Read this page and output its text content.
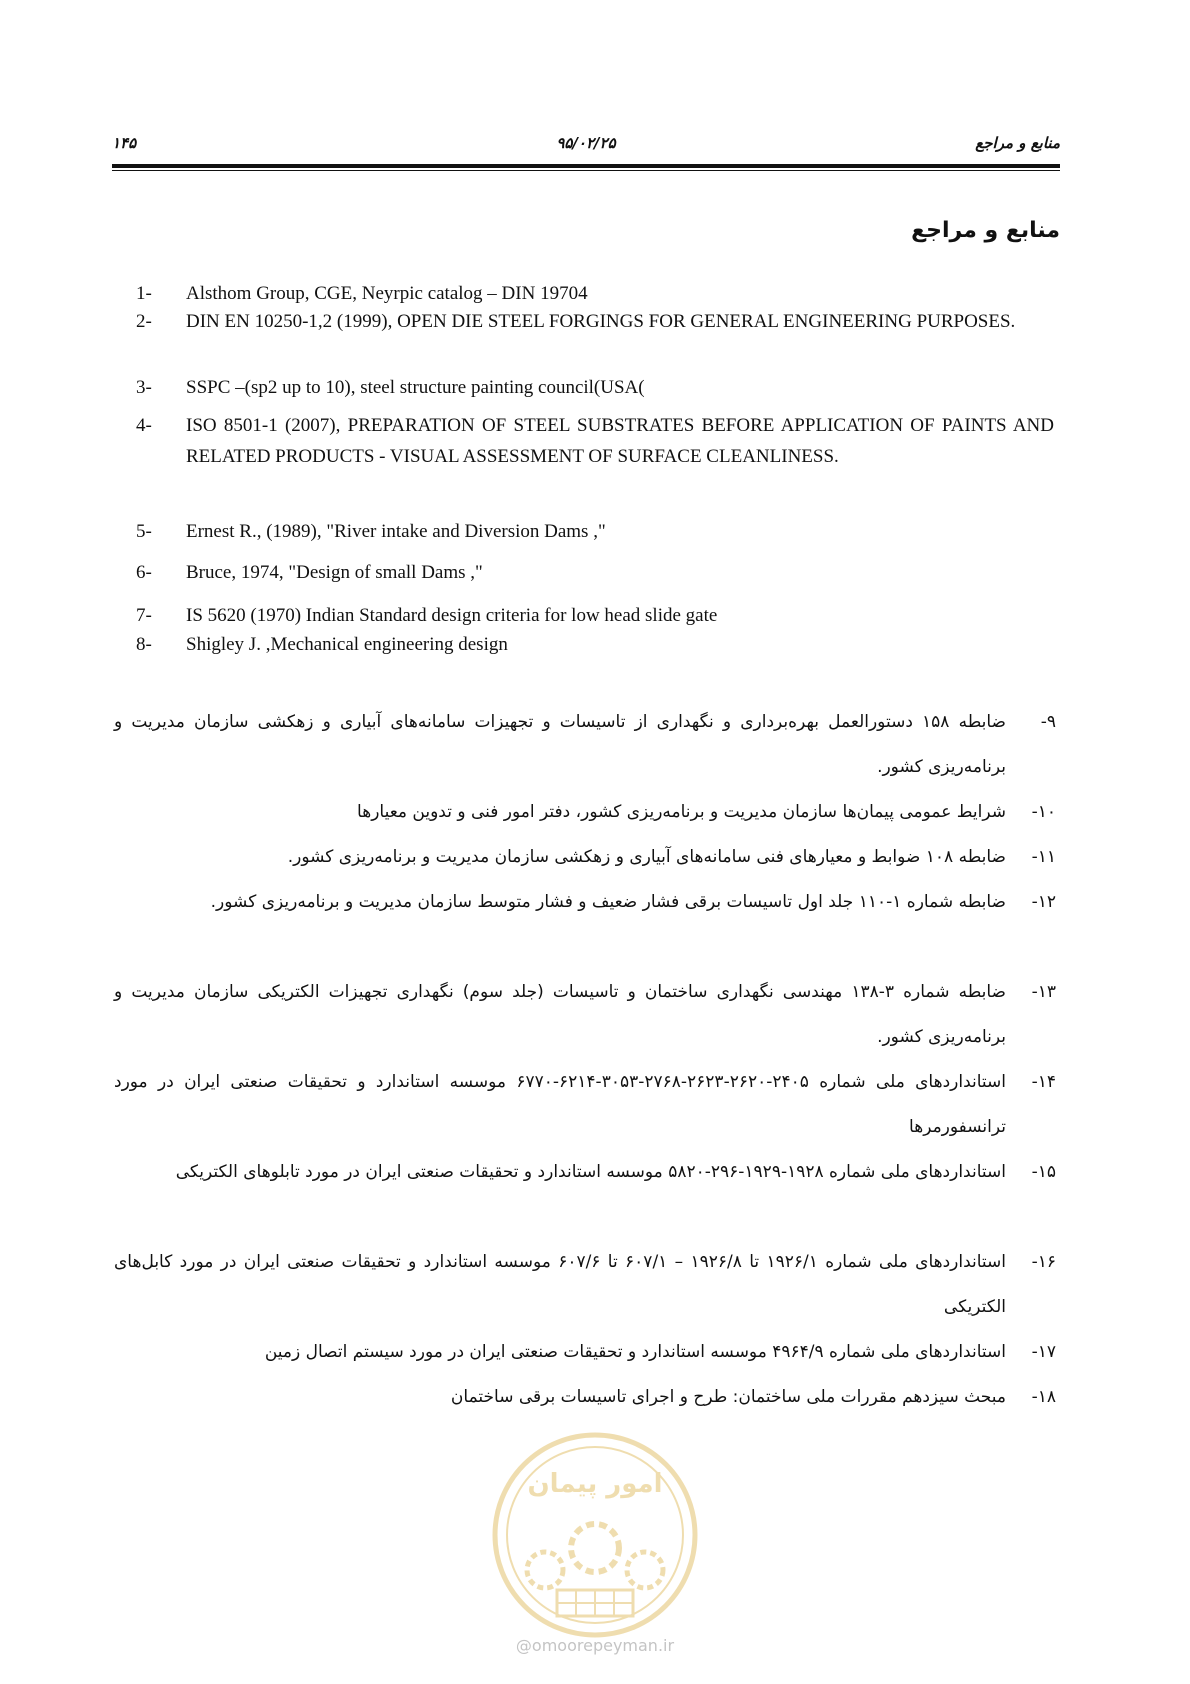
۱۴۵	۹۵/۰۲/۲۵	منابع و مراجع
منابع و مراجع
1-	Alsthom Group, CGE, Neyrpic catalog – DIN 19704
2-	DIN EN 10250-1,2 (1999), OPEN DIE STEEL FORGINGS FOR GENERAL ENGINEERING PURPOSES.
3-	SSPC –(sp2 up to 10), steel structure painting council(USA(
4-	ISO 8501-1 (2007), PREPARATION OF STEEL SUBSTRATES BEFORE APPLICATION OF PAINTS AND RELATED PRODUCTS - VISUAL ASSESSMENT OF SURFACE CLEANLINESS.
5-	Ernest R., (1989), "River intake and Diversion Dams ,"
6-	Bruce, 1974, "Design of small Dams ,"
7-	IS 5620 (1970) Indian Standard design criteria for low head slide gate
8-	Shigley J. ,Mechanical engineering design
۹-
ضابطه ۱۵۸ دستورالعمل بهره‌برداری و نگهداری از تاسیسات و تجهیزات سامانه‌های آبیاری و زهکشی سازمان مدیریت و برنامه‌ریزی کشور.
۱۰-
شرایط عمومی پیمان‌ها سازمان مدیریت و برنامه‌ریزی کشور، دفتر امور فنی و تدوین معیارها
۱۱-
ضابطه ۱۰۸ ضوابط و معیارهای فنی سامانه‌های آبیاری و زهکشی سازمان مدیریت و برنامه‌ریزی کشور.
۱۲-
ضابطه شماره ۱-۱۱۰ جلد اول تاسیسات برقی فشار ضعیف و فشار متوسط سازمان مدیریت و برنامه‌ریزی کشور.
۱۳-
ضابطه شماره ۳-۱۳۸ مهندسی نگهداری ساختمان و تاسیسات (جلد سوم) نگهداری تجهیزات الکتریکی سازمان مدیریت و برنامه‌ریزی کشور.
۱۴-
استانداردهای ملی شماره ۲۴۰۵-۲۶۲۰-۲۶۲۳-۲۷۶۸-۳۰۵۳-۶۲۱۴-۶۷۷۰ موسسه استاندارد و تحقیقات صنعتی ایران در مورد ترانسفورمرها
۱۵-
استانداردهای ملی شماره ۱۹۲۸-۱۹۲۹-۲۹۶-۵۸۲۰ موسسه استاندارد و تحقیقات صنعتی ایران در مورد تابلوهای الکتریکی
۱۶-
استانداردهای ملی شماره ۱۹۲۶/۱ تا ۱۹۲۶/۸ – ۶۰۷/۱ تا ۶۰۷/۶ موسسه استاندارد و تحقیقات صنعتی ایران در مورد کابل‌های الکتریکی
۱۷-
استانداردهای ملی شماره ۴۹۶۴/۹ موسسه استاندارد و تحقیقات صنعتی ایران در مورد سیستم اتصال زمین
۱۸-
مبحث سیزدهم مقررات ملی ساختمان: طرح و اجرای تاسیسات برقی ساختمان
امور پیمان
@omoorepeyman.ir
